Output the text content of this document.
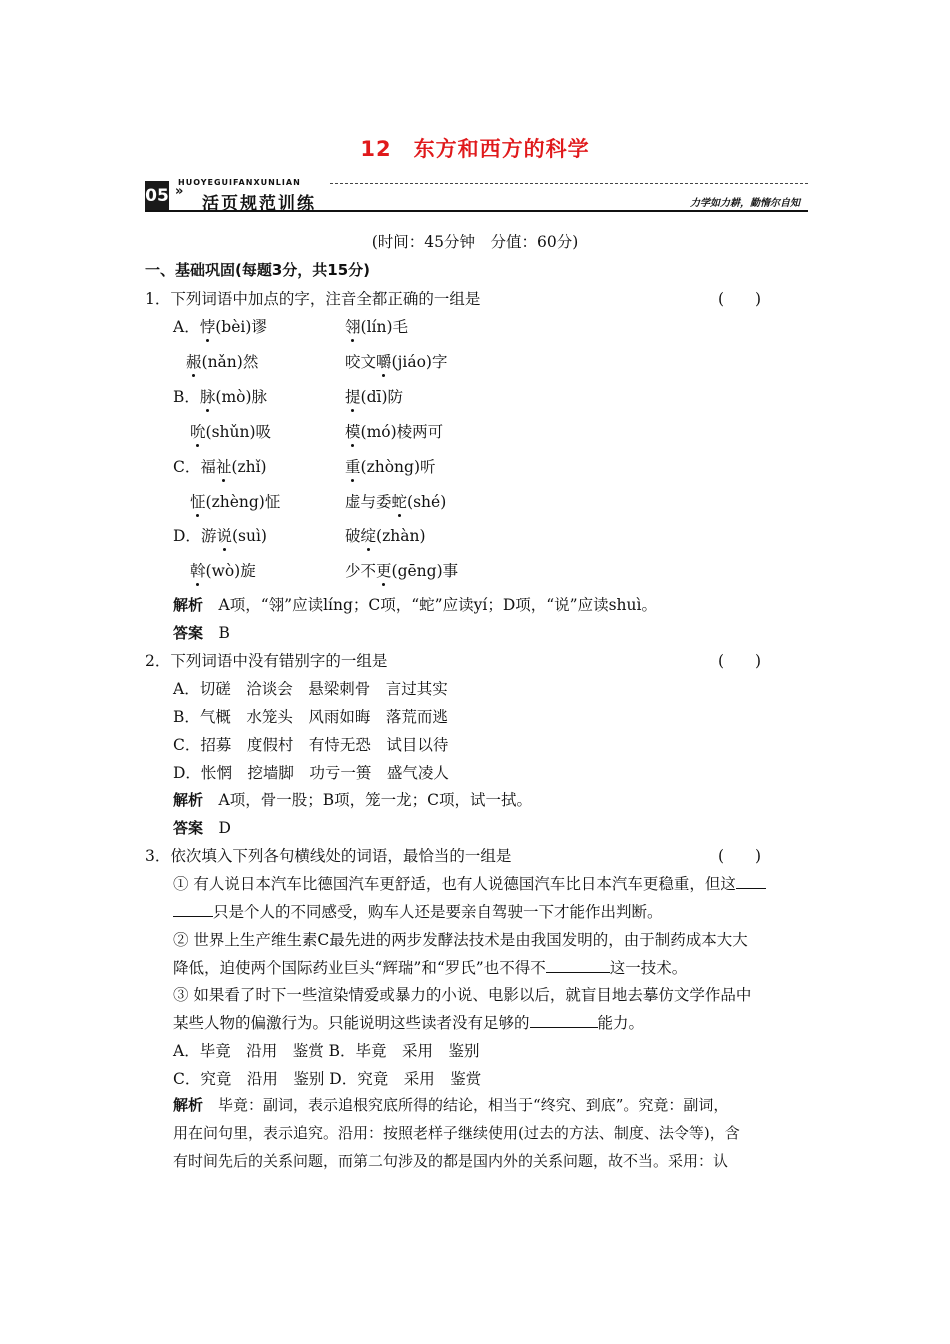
12　东方和西方的科学
05 »
HUOYEGUIFANXUNLIAN
活页规范训练	力学如力耕，勤惰尔自知
(时间：45分钟　分值：60分)
一、基础巩固(每题3分，共15分)
1．下列词语中加点的字，注音全都正确的一组是	(　　)
A．悖(bèi)谬	翎(lín)毛
赧(nǎn)然	咬文嚼(jiáo)字
B．脉(mò)脉	提(dī)防
吮(shǔn)吸	模(mó)棱两可
C．福祉(zhǐ)	重(zhòng)听
怔(zhèng)怔	虚与委蛇(shé)
D．游说(suì)	破绽(zhàn)
斡(wò)旋	少不更(gēng)事
解析　 A项，“翎”应读líng；C项，“蛇”应读yí；D项，“说”应读shuì。
答案　 B
2．下列词语中没有错别字的一组是	(　　)
A．切磋　洽谈会　悬梁刺骨　言过其实
B．气概　水笼头　风雨如晦　落荒而逃
C．招募　度假村　有恃无恐　试目以待
D．怅惘　挖墙脚　功亏一篑　盛气凌人
解析　 A项，骨一股；B项，笼一龙；C项，试一拭。
答案　 D
3．依次填入下列各句横线处的词语，最恰当的一组是	(　　)
① 有人说日本汽车比德国汽车更舒适，也有人说德国汽车比日本汽车更稳重，但这
只是个人的不同感受，购车人还是要亲自驾驶一下才能作出判断。
② 世界上生产维生素C最先进的两步发酵法技术是由我国发明的，由于制药成本大大
降低，迫使两个国际药业巨头“辉瑞”和“罗氏”也不得不	这一技术。
③ 如果看了时下一些渲染情爱或暴力的小说、电影以后，就盲目地去摹仿文学作品中
某些人物的偏激行为。只能说明这些读者没有足够的	能力。
A．毕竟　沿用　鉴赏 B．毕竟　采用　鉴别
C．究竟　沿用　鉴别 D．究竟　采用　鉴赏
解析　 毕竟：副词，表示追根究底所得的结论，相当于“终究、到底”。究竟：副词，
用在问句里，表示追究。沿用：按照老样子继续使用(过去的方法、制度、法令等)，含
有时间先后的关系问题，而第二句涉及的都是国内外的关系问题，故不当。采用：认
